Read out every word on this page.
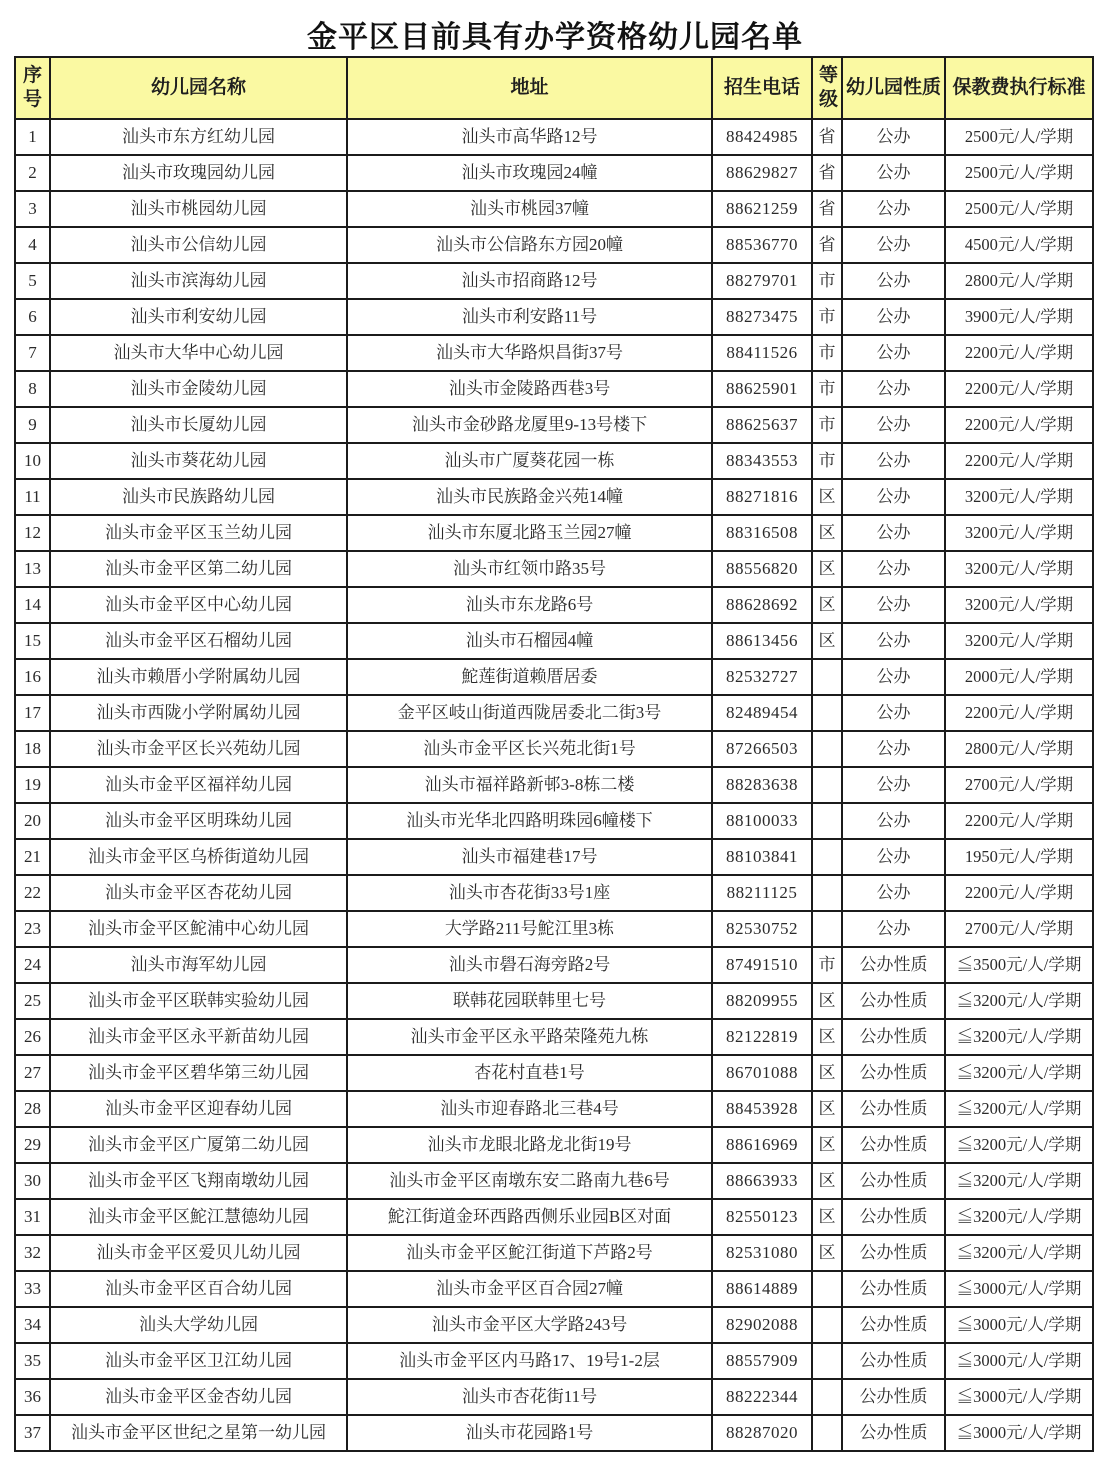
金平区目前具有办学资格幼儿园名单
序号	幼儿园名称	地址	招生电话	等级	幼儿园性质	保教费执行标准
1	汕头市东方红幼儿园	汕头市高华路12号	88424985	省	公办	2500元/人/学期
2	汕头市玫瑰园幼儿园	汕头市玫瑰园24幢	88629827	省	公办	2500元/人/学期
3	汕头市桃园幼儿园	汕头市桃园37幢	88621259	省	公办	2500元/人/学期
4	汕头市公信幼儿园	汕头市公信路东方园20幢	88536770	省	公办	4500元/人/学期
5	汕头市滨海幼儿园	汕头市招商路12号	88279701	市	公办	2800元/人/学期
6	汕头市利安幼儿园	汕头市利安路11号	88273475	市	公办	3900元/人/学期
7	汕头市大华中心幼儿园	汕头市大华路炽昌街37号	88411526	市	公办	2200元/人/学期
8	汕头市金陵幼儿园	汕头市金陵路西巷3号	88625901	市	公办	2200元/人/学期
9	汕头市长厦幼儿园	汕头市金砂路龙厦里9-13号楼下	88625637	市	公办	2200元/人/学期
10	汕头市葵花幼儿园	汕头市广厦葵花园一栋	88343553	市	公办	2200元/人/学期
11	汕头市民族路幼儿园	汕头市民族路金兴苑14幢	88271816	区	公办	3200元/人/学期
12	汕头市金平区玉兰幼儿园	汕头市东厦北路玉兰园27幢	88316508	区	公办	3200元/人/学期
13	汕头市金平区第二幼儿园	汕头市红领巾路35号	88556820	区	公办	3200元/人/学期
14	汕头市金平区中心幼儿园	汕头市东龙路6号	88628692	区	公办	3200元/人/学期
15	汕头市金平区石榴幼儿园	汕头市石榴园4幢	88613456	区	公办	3200元/人/学期
16	汕头市赖厝小学附属幼儿园	鮀莲街道赖厝居委	82532727		公办	2000元/人/学期
17	汕头市西陇小学附属幼儿园	金平区岐山街道西陇居委北二街3号	82489454		公办	2200元/人/学期
18	汕头市金平区长兴苑幼儿园	汕头市金平区长兴苑北街1号	87266503		公办	2800元/人/学期
19	汕头市金平区福祥幼儿园	汕头市福祥路新邨3-8栋二楼	88283638		公办	2700元/人/学期
20	汕头市金平区明珠幼儿园	汕头市光华北四路明珠园6幢楼下	88100033		公办	2200元/人/学期
21	汕头市金平区乌桥街道幼儿园	汕头市福建巷17号	88103841		公办	1950元/人/学期
22	汕头市金平区杏花幼儿园	汕头市杏花街33号1座	88211125		公办	2200元/人/学期
23	汕头市金平区鮀浦中心幼儿园	大学路211号鮀江里3栋	82530752		公办	2700元/人/学期
24	汕头市海军幼儿园	汕头市礐石海旁路2号	87491510	市	公办性质	≦3500元/人/学期
25	汕头市金平区联韩实验幼儿园	联韩花园联韩里七号	88209955	区	公办性质	≦3200元/人/学期
26	汕头市金平区永平新苗幼儿园	汕头市金平区永平路荣隆苑九栋	82122819	区	公办性质	≦3200元/人/学期
27	汕头市金平区碧华第三幼儿园	杏花村直巷1号	86701088	区	公办性质	≦3200元/人/学期
28	汕头市金平区迎春幼儿园	汕头市迎春路北三巷4号	88453928	区	公办性质	≦3200元/人/学期
29	汕头市金平区广厦第二幼儿园	汕头市龙眼北路龙北街19号	88616969	区	公办性质	≦3200元/人/学期
30	汕头市金平区飞翔南墩幼儿园	汕头市金平区南墩东安二路南九巷6号	88663933	区	公办性质	≦3200元/人/学期
31	汕头市金平区鮀江慧德幼儿园	鮀江街道金环西路西侧乐业园B区对面	82550123	区	公办性质	≦3200元/人/学期
32	汕头市金平区爱贝儿幼儿园	汕头市金平区鮀江街道下芦路2号	82531080	区	公办性质	≦3200元/人/学期
33	汕头市金平区百合幼儿园	汕头市金平区百合园27幢	88614889		公办性质	≦3000元/人/学期
34	汕头大学幼儿园	汕头市金平区大学路243号	82902088		公办性质	≦3000元/人/学期
35	汕头市金平区卫江幼儿园	汕头市金平区内马路17、19号1-2层	88557909		公办性质	≦3000元/人/学期
36	汕头市金平区金杏幼儿园	汕头市杏花街11号	88222344		公办性质	≦3000元/人/学期
37	汕头市金平区世纪之星第一幼儿园	汕头市花园路1号	88287020		公办性质	≦3000元/人/学期
